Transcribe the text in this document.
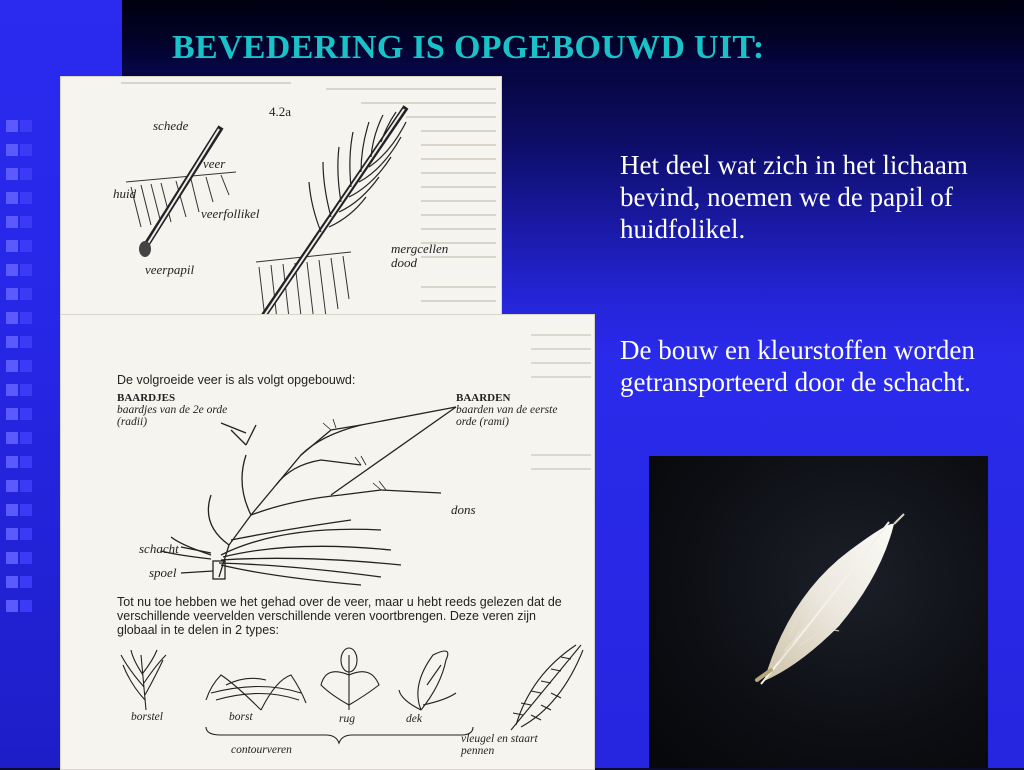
BEVEDERING IS OPGEBOUWD UIT:
4.2a
schede
veer
huid
veerfollikel
veerpapil
mergcellen dood
De volgroeide veer is als volgt opgebouwd:
BAARDJES
baardjes van de 2e orde (radii)
BAARDEN
baarden van de eerste orde (rami)
dons
schacht
spoel
Tot nu toe hebben we het gehad over de veer, maar u hebt reeds gelezen dat de verschillende veervelden verschillende veren voortbrengen. Deze veren zijn globaal in te delen in 2 types:
borstel	borst	rug	dek
vleugel en staart pennen
contourveren
Het deel wat zich in het lichaam bevind, noemen we de papil of huidfolikel.
De bouw en kleurstoffen worden getransporteerd door de schacht.
